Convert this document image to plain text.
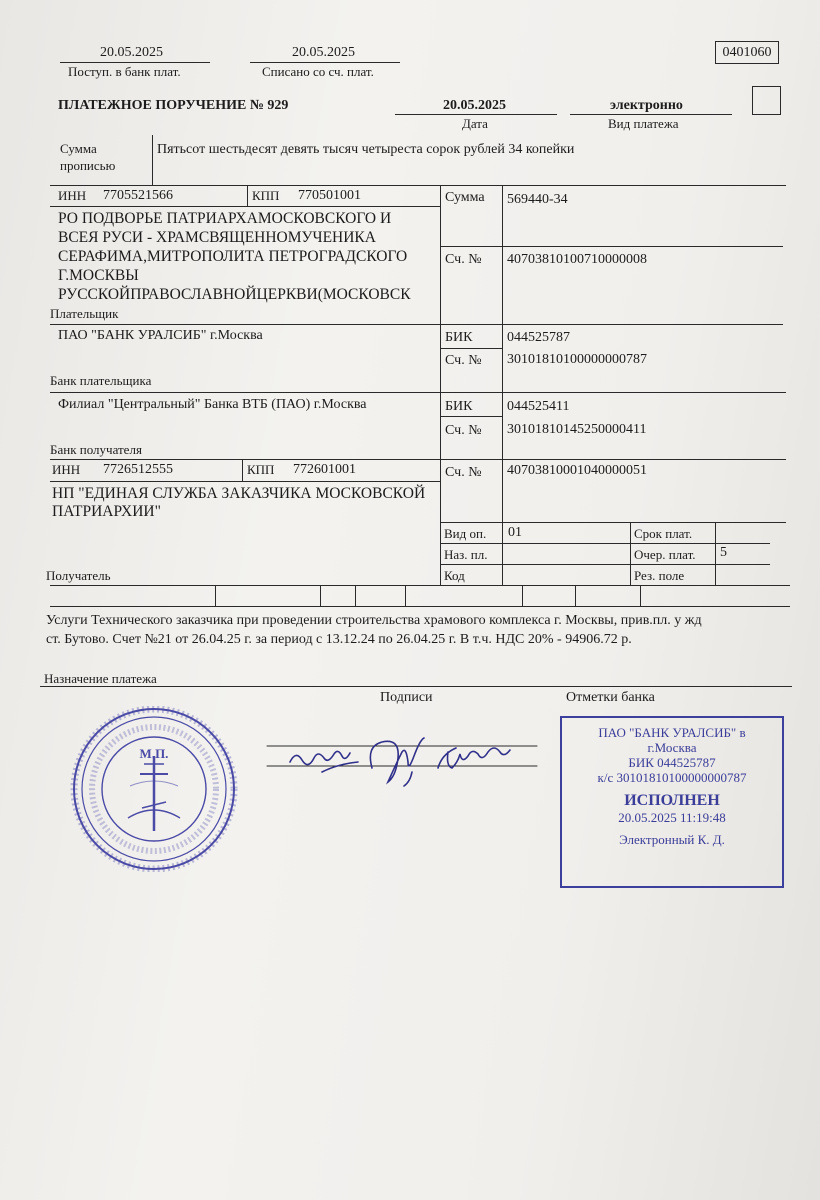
20.05.2025
Поступ. в банк плат.
20.05.2025
Списано со сч. плат.
0401060
ПЛАТЕЖНОЕ ПОРУЧЕНИЕ № 929	20.05.2025
Дата
электронно
Вид платежа
Сумма
прописью
Пятьсот шестьдесят девять тысяч четыреста сорок рублей 34 копейки
ИНН 7705521566	КПП 770501001
РО ПОДВОРЬЕ ПАТРИАРХАМОСКОВСКОГО И
ВСЕЯ РУСИ - ХРАМСВЯЩЕННОМУЧЕНИКА
СЕРАФИМА,МИТРОПОЛИТА ПЕТРОГРАДСКОГО
Г.МОСКВЫ
РУССКОЙПРАВОСЛАВНОЙЦЕРКВИ(МОСКОВСК
Плательщик
Сумма 569440-34
Сч. № 40703810100710000008
ПАО "БАНК УРАЛСИБ" г.Москва
Банк плательщика
БИК 044525787
Сч. № 30101810100000000787
Филиал "Центральный" Банка ВТБ (ПАО) г.Москва
Банк получателя
БИК 044525411
Сч. № 30101810145250000411
ИНН 7726512555	КПП 772601001
НП "ЕДИНАЯ СЛУЖБА ЗАКАЗЧИКА МОСКОВСКОЙ
ПАТРИАРХИИ"
Получатель
Сч. № 40703810001040000051
Вид оп. 01	Срок плат.
Наз. пл.	Очер. плат. 5
Код	Рез. поле
Услуги Технического заказчика при проведении строительства храмового комплекса г. Москвы, прив.пл. у жд
ст. Бутово. Счет №21 от 26.04.25 г. за период с 13.12.24 по 26.04.25 г. В т.ч. НДС 20% - 94906.72 р.
Назначение платежа
Подписи	Отметки банка
М.П.
шрей М.Глурио
ПАО "БАНК УРАЛСИБ" в
г.Москва
БИК 044525787
к/с 30101810100000000787
ИСПОЛНЕН
20.05.2025 11:19:48
Электронный К. Д.
